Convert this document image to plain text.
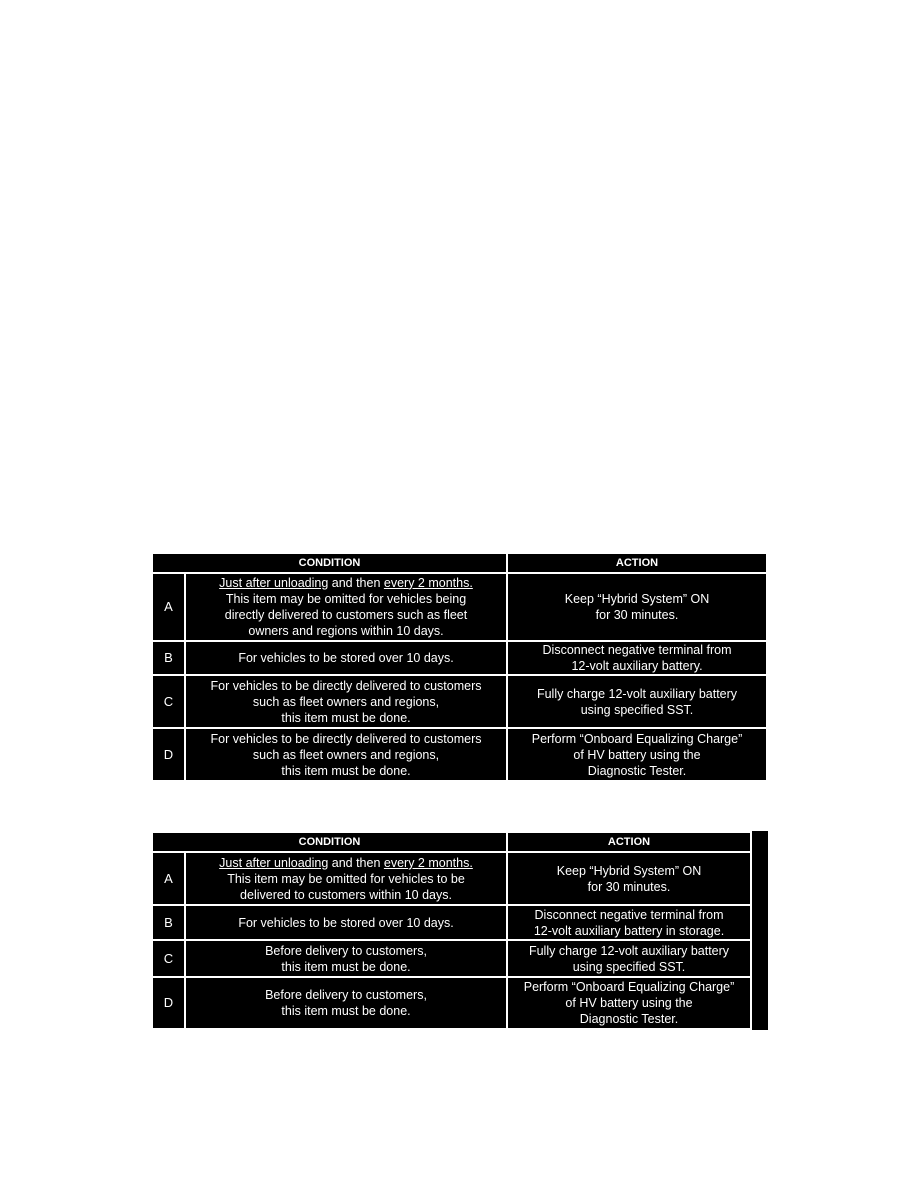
CONDITION		ACTION
A	Just after unloading and then every 2 months.
This item may be omitted for vehicles being
directly delivered to customers such as fleet
owners and regions within 10 days.	Keep “Hybrid System” ON
for 30 minutes.

B	For vehicles to be stored over 10 days.	Disconnect negative terminal from
12-volt auxiliary battery.

C	For vehicles to be directly delivered to customers
such as fleet owners and regions,
this item must be done.	Fully charge 12-volt auxiliary battery
using specified SST.

D	For vehicles to be directly delivered to customers
such as fleet owners and regions,
this item must be done.	Perform “Onboard Equalizing Charge”
of HV battery using the
Diagnostic Tester.
CONDITION		ACTION
A	Just after unloading and then every 2 months.
This item may be omitted for vehicles to be
delivered to customers within 10 days.	Keep “Hybrid System” ON
for 30 minutes.

B	For vehicles to be stored over 10 days.	Disconnect negative terminal from
12-volt auxiliary battery in storage.

C	Before delivery to customers,
this item must be done.	Fully charge 12-volt auxiliary battery
using specified SST.

D	Before delivery to customers,
this item must be done.	Perform “Onboard Equalizing Charge”
of HV battery using the
Diagnostic Tester.
